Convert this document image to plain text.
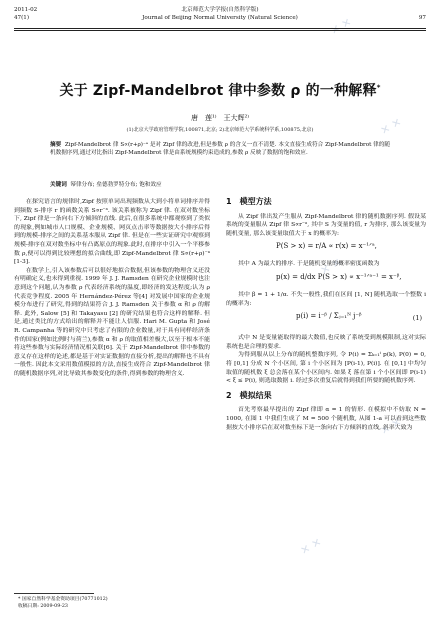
✕ ✕
✕ ✕
✕ ✕
✕ ✕
✕ ✕
2011-02
47(1)
北京师范大学学报(自然科学版)
Journal of Beijing Normal University (Natural Science)	97
关于 Zipf-Mandelbrot 律中参数 ρ 的一种解释*
唐　莲¹⁾　王大辉²⁾
(1)北京大学政府管理学院,100871,北京; 2)北京师范大学系统科学系,100875,北京)
摘要 Zipf-Mandelbrot 律 S∝(r+ρ)⁻ᵃ 是对 Zipf 律的改进,但是参数 ρ 的含义一直不清楚. 本文直接生成符合 Zipf-Mandelbrot 律的随机数据序列,通过对比指出 Zipf-Mandelbrot 律是由系统规模约束造成的,参数 ρ 反映了数据的饱和效应.
关键词 幂律分布; 垒德勃罗特分布; 饱和效应

在探究语言的规律时,Zipf 按照单词出现频数从大到小将单词排序并得到频数 S-排序 r 的函数关系 S∝r⁻ᵃ. 该关系被称为 Zipf 律. 在双对数坐标下, Zipf 律是一条向右下方倾斜的直线. 此后,在很多系统中都观察到了类似的现象,例如城市人口规模、企业规模、网页点击率等数据按大小排序后得到的规模-排序之间的关系基本服从 Zipf 律. 但是在一些实证研究中观察到规模-排序在双对数坐标中有凸离原点的现象.此时,在排序中引入一个平移参数 ρ,便可以得到比较理想的拟合曲线,即 Zipf-Mandelbrot 律 S∝(r+ρ)⁻ᵃ [1-3].

在数学上,引入该参数后可以很好地拟合数据,但该参数的物理含义还没有明确定义,也未得到重视. 1999 年 J. J. Ramsden 在研究企业规模时也注意到这个问题,认为参数 ρ 代表经济系统的温度,即经济的发达程度;认为 ρ 代表竞争程度. 2005 年 Hernández-Pérez 等[4] 对发展中国家的企业规模分布进行了研究,得到的结果符合 J. J. Ramsden 关于参数 α 和 ρ 的解释. 此外, Salow [5] 和 Takayasu [2] 的研究结果也符合这样的解释. 但是,通过类比的方式给出的解释并不能让人信服. Hari M. Gupta 和 José R. Campanha 等的研究中只考虑了有限的企业数量,对于具有同样经济条件的国家(例如比例时与荷兰),参数 α 和 ρ 的取值相差极大,以至于根本不能将这些参数与实际经济情况相关联[6]. 关于 Zipf-Mandelbrot 律中参数的意义存在这样的论述,都是基于对实证数据的直接分析,提出的解释也不具有一般性. 因此本文采用数值模拟的方法,直接生成符合 Zipf-Mandelbrot 律的随机数据序列,对比导致其参数变化的条件,得到参数的物理含义.

1　模型方法

从 Zipf 律出发产生服从 Zipf-Mandelbrot 律的随机数据序列. 假设某系统的变量服从 Zipf 律 S∝r⁻ᵃ, 其中 S 为变量的值, r 为排序, 那么该变量为随机变量, 那么该变量取值大于 x 的概率为:

P(S > x) = r/A ∝ r(x) = x⁻¹ᐟᵃ,

其中 A 为最大的排序. 于是随机变量的概率密度函数为

p(x) = d/dx P(S > x) ∝ x⁻¹ᐟᵃ⁻¹ = x⁻ᵝ,

其中 β = 1 + 1/α. 不失一般性,我们在区间 [1, N] 随机选取一个整数 i 的概率为:

p(i) = i⁻ᵝ / Σⱼ₌₁ᴺ j⁻ᵝ	(1)

式中 N 是变量能取得的最大数值,也反映了系统受到规模限制,这对实际系统也是合理的要求.

为得到服从以上分布的随机整数序列, 令 P(i) = Σₖ₌₁ⁱ p(k), P(0) = 0, 将 [0,1] 分成 N 个小区间, 第 i 个小区间为 [P(i-1), P(i)]. 在 [0,1] 中均匀取值的随机数 ξ 总会落在某个小区间内. 如果 ξ 落在第 i 个小区间即 P(i-1) < ξ ≤ P(i), 则选取数据 i. 经过多次重复后就得到我们所要的随机数序列.

2　模拟结果

首先考察最早提出的 Zipf 律即 α = 1 的情形. 在模拟中不妨取 N = 1000, 在图 1 中我们生成了 M = 500 个随机数, 从图 1-a 可以看到这些数据按大小排序后在双对数坐标下是一条向右下方倾斜的直线, 斜率大致为

* 国家自然科学基金资助项目(70771012)
收稿日期: 2009-09-23
